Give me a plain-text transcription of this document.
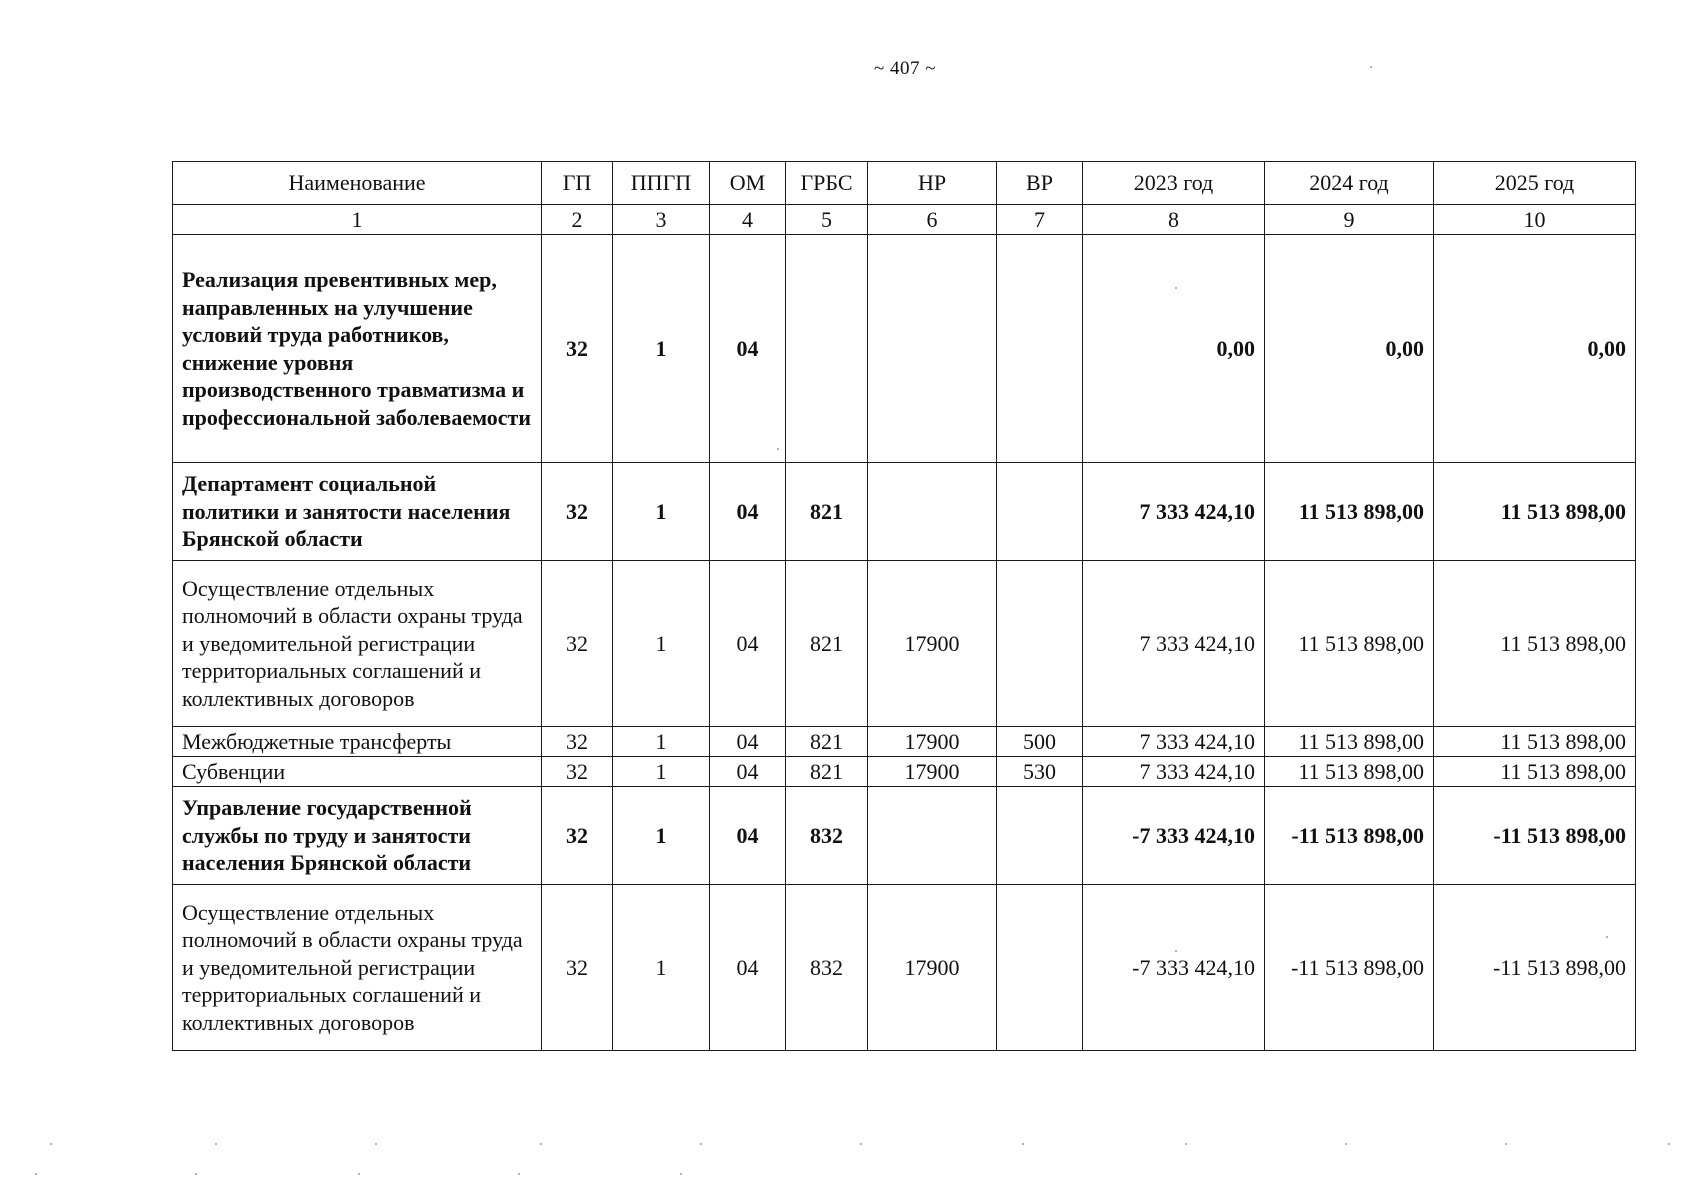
~ 407 ~
Наименование	ГП	ППГП	ОМ	ГРБС	НР	ВР	2023 год	2024 год	2025 год
1	2	3	4	5	6	7	8	9	10
Реализация превентивных мер, направленных на улучшение условий труда работников, снижение уровня производственного травматизма и профессиональной заболеваемости	32	1	04				0,00	0,00	0,00
Департамент социальной политики и занятости населения Брянской области	32	1	04	821			7 333 424,10	11 513 898,00	11 513 898,00
Осуществление отдельных полномочий в области охраны труда и уведомительной регистрации территориальных соглашений и коллективных договоров	32	1	04	821	17900		7 333 424,10	11 513 898,00	11 513 898,00
Межбюджетные трансферты	32	1	04	821	17900	500	7 333 424,10	11 513 898,00	11 513 898,00
Субвенции	32	1	04	821	17900	530	7 333 424,10	11 513 898,00	11 513 898,00
Управление государственной службы по труду и занятости населения Брянской области	32	1	04	832			-7 333 424,10	-11 513 898,00	-11 513 898,00
Осуществление отдельных полномочий в области охраны труда и уведомительной регистрации территориальных соглашений и коллективных договоров	32	1	04	832	17900		-7 333 424,10	-11 513 898,00	-11 513 898,00
